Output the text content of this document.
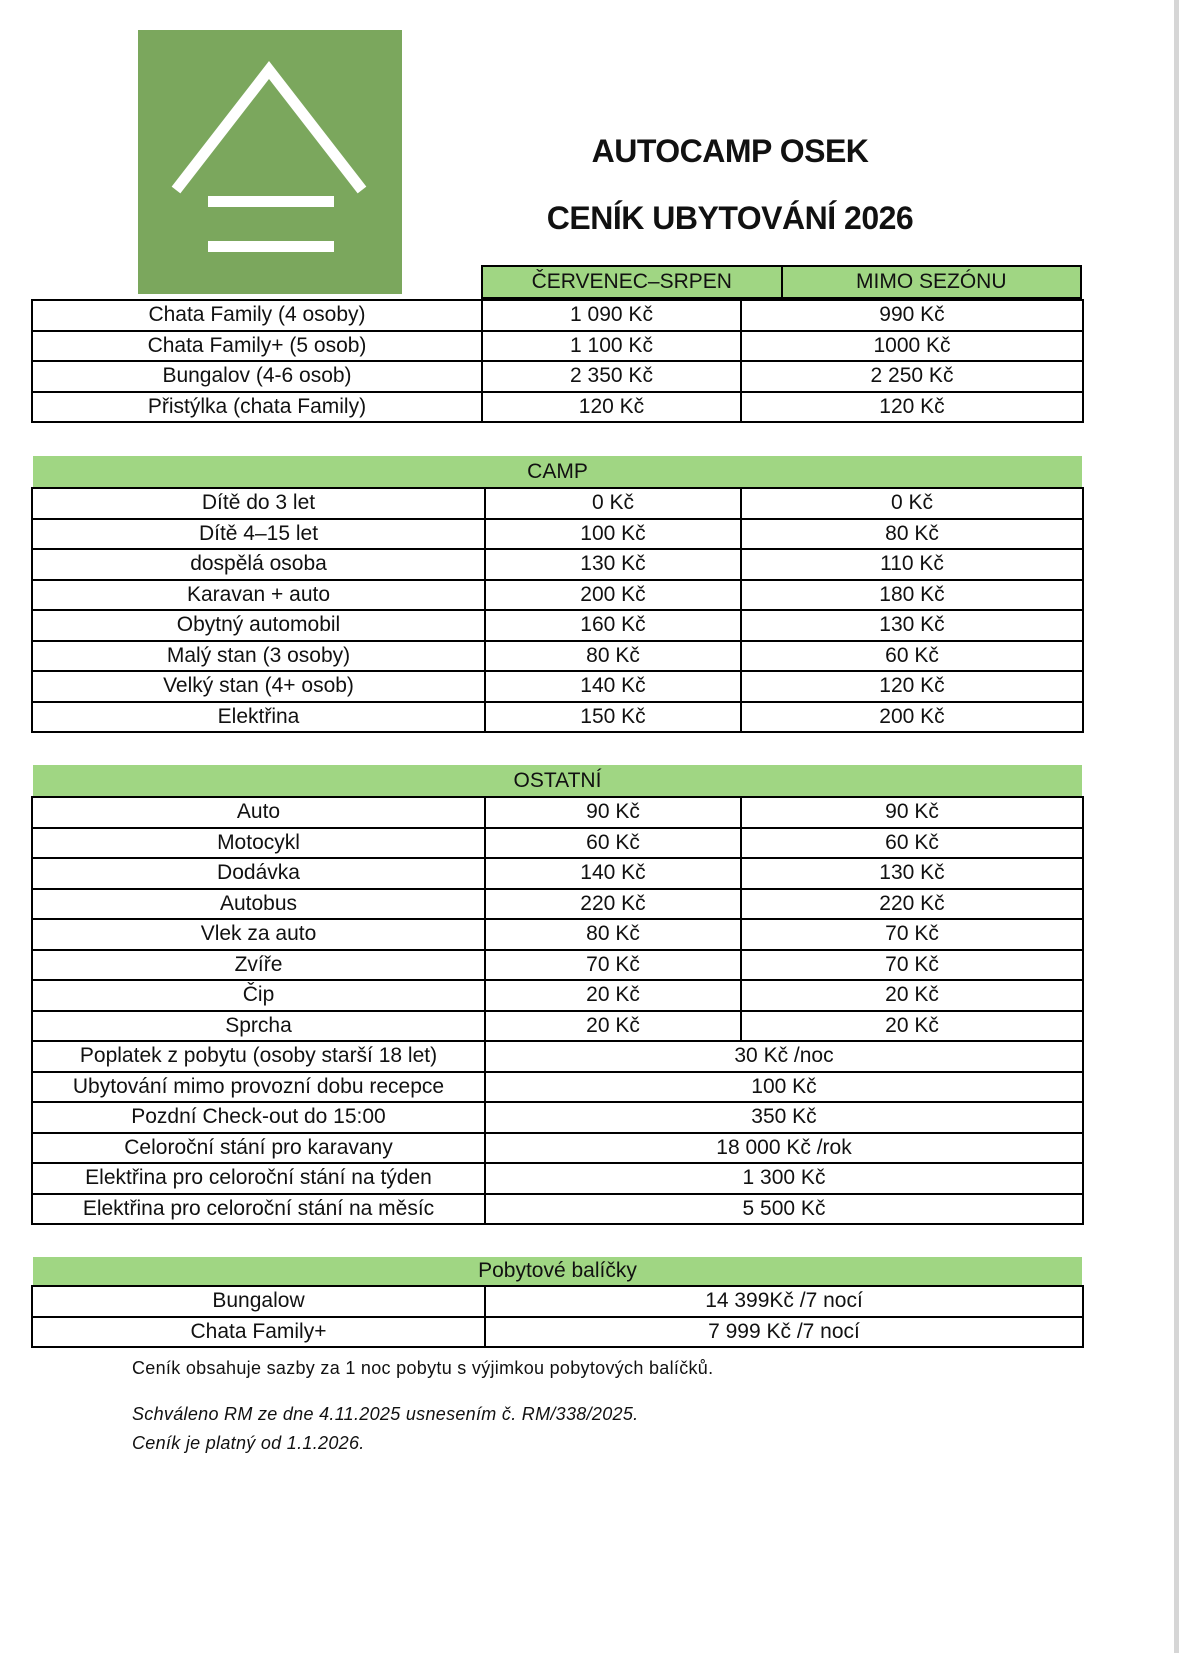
AUTOCAMP OSEK
CENÍK UBYTOVÁNÍ 2026
ČERVENEC–SRPEN	MIMO SEZÓNU
Chata Family (4 osoby)	1 090 Kč	990 Kč
Chata Family+ (5 osob)	1 100 Kč	1000 Kč
Bungalov (4-6 osob)	2 350 Kč	2 250 Kč
Přistýlka (chata Family)	120 Kč	120 Kč
CAMP
Dítě do 3 let	0 Kč	0 Kč
Dítě 4–15 let	100 Kč	80 Kč
dospělá osoba	130 Kč	110 Kč
Karavan + auto	200 Kč	180 Kč
Obytný automobil	160 Kč	130 Kč
Malý stan (3 osoby)	80 Kč	60 Kč
Velký stan (4+ osob)	140 Kč	120 Kč
Elektřina	150 Kč	200 Kč
OSTATNÍ
Auto	90 Kč	90 Kč
Motocykl	60 Kč	60 Kč
Dodávka	140 Kč	130 Kč
Autobus	220 Kč	220 Kč
Vlek za auto	80 Kč	70 Kč
Zvíře	70 Kč	70 Kč
Čip	20 Kč	20 Kč
Sprcha	20 Kč	20 Kč
Poplatek z pobytu (osoby starší 18 let)	30 Kč /noc	
Ubytování mimo provozní dobu recepce	100 Kč	
Pozdní Check-out do 15:00	350 Kč	
Celoroční stání pro karavany	18 000 Kč /rok	
Elektřina pro celoroční stání na týden	1 300 Kč	
Elektřina pro celoroční stání na měsíc	5 500 Kč	
Pobytové balíčky
Bungalow	14 399Kč /7 nocí
Chata Family+	7 999 Kč /7 nocí
Ceník obsahuje sazby za 1 noc pobytu s výjimkou pobytových balíčků.
Schváleno RM ze dne 4.11.2025 usnesením č. RM/338/2025.
Ceník je platný od 1.1.2026.
